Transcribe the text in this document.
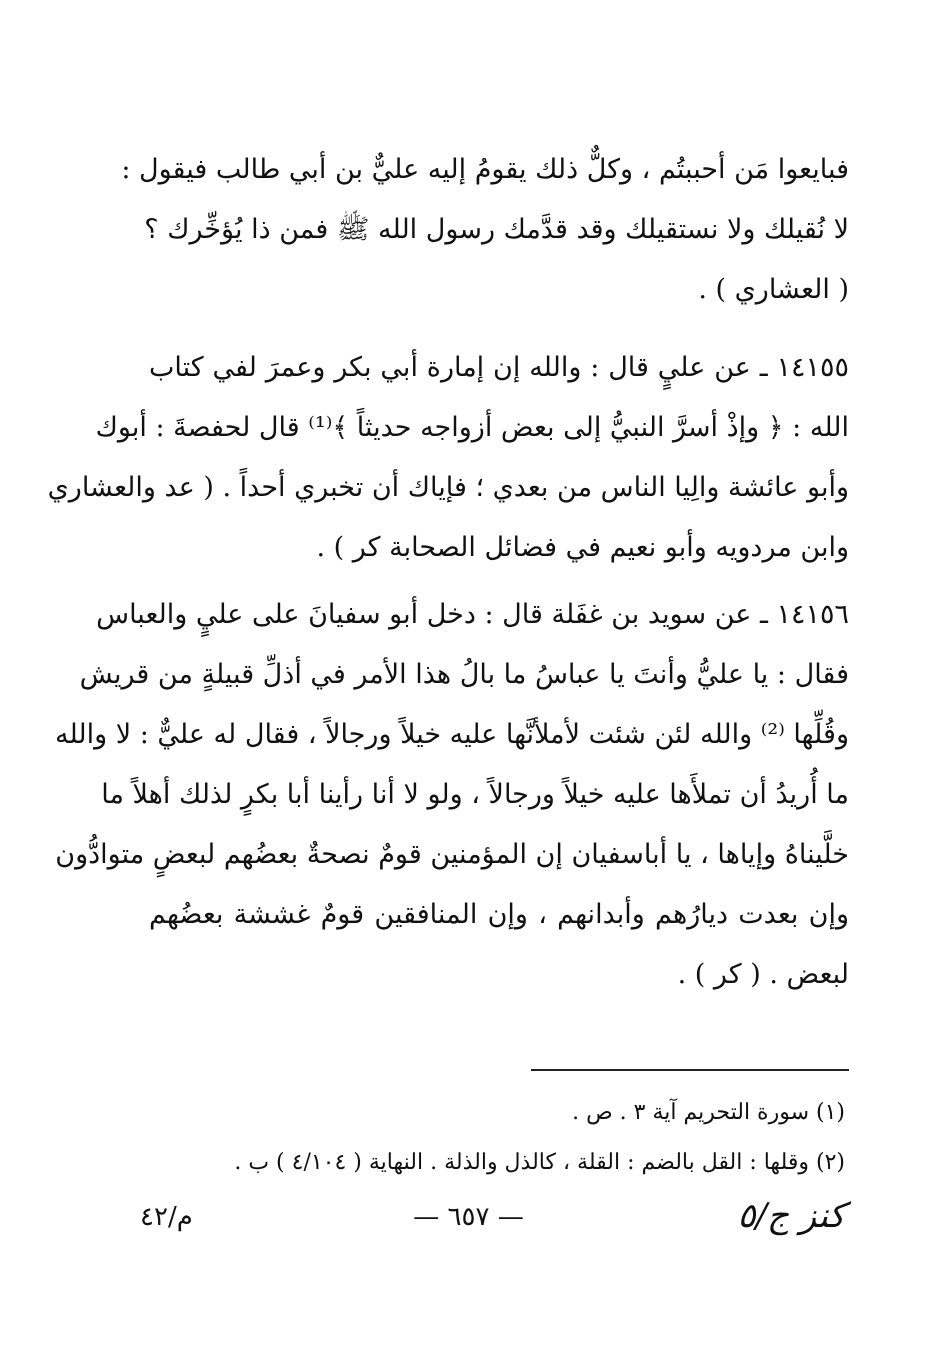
فبايعوا مَن أحببتُم ، وكلٌّ ذلك يقومُ إليه عليٌّ بن أبي طالب فيقول :
لا نُقيلك ولا نستقيلك وقد قدَّمك رسول الله ﷺ فمن ذا يُؤخِّرك ؟
( العشاري ) .
١٤١٥٥ ـ عن عليٍ قال : والله إن إمارة أبي بكر وعمرَ لفي كتاب
الله : ﴿ وإذْ أسرَّ النبيُّ إلى بعض أزواجه حديثاً ﴾⁽¹⁾ قال لحفصةَ : أبوك
وأبو عائشة والِيا الناس من بعدي ؛ فإياك أن تخبري أحداً . ( عد والعشاري
وابن مردويه وأبو نعيم في فضائل الصحابة كر ) .
١٤١٥٦ ـ عن سويد بن غفَلة قال : دخل أبو سفيانَ على عليٍ والعباس
فقال : يا عليُّ وأنتَ يا عباسُ ما بالُ هذا الأمر في أذلِّ قبيلةٍ من قريش
وقُلِّها ⁽²⁾ والله لئن شئت لأملأنَّها عليه خيلاً ورجالاً ، فقال له عليٌّ : لا والله
ما أُريدُ أن تملأَها عليه خيلاً ورجالاً ، ولو لا أنا رأينا أبا بكرٍ لذلك أهلاً ما
خلَّيناهُ وإياها ، يا أباسفيان إن المؤمنين قومٌ نصحةٌ بعضُهم لبعضٍ متوادُّون
وإن بعدت ديارُهم وأبدانهم ، وإن المنافقين قومٌ غششة بعضُهم
لبعض . ( كر ) .
(١) سورة التحريم آية ٣ . ص .
(٢) وقلها : القل بالضم : القلة ، كالذل والذلة . النهاية ( ٤/١٠٤ ) ب .
كنز ج/٥
— ٦٥٧ —
م/٤٢
